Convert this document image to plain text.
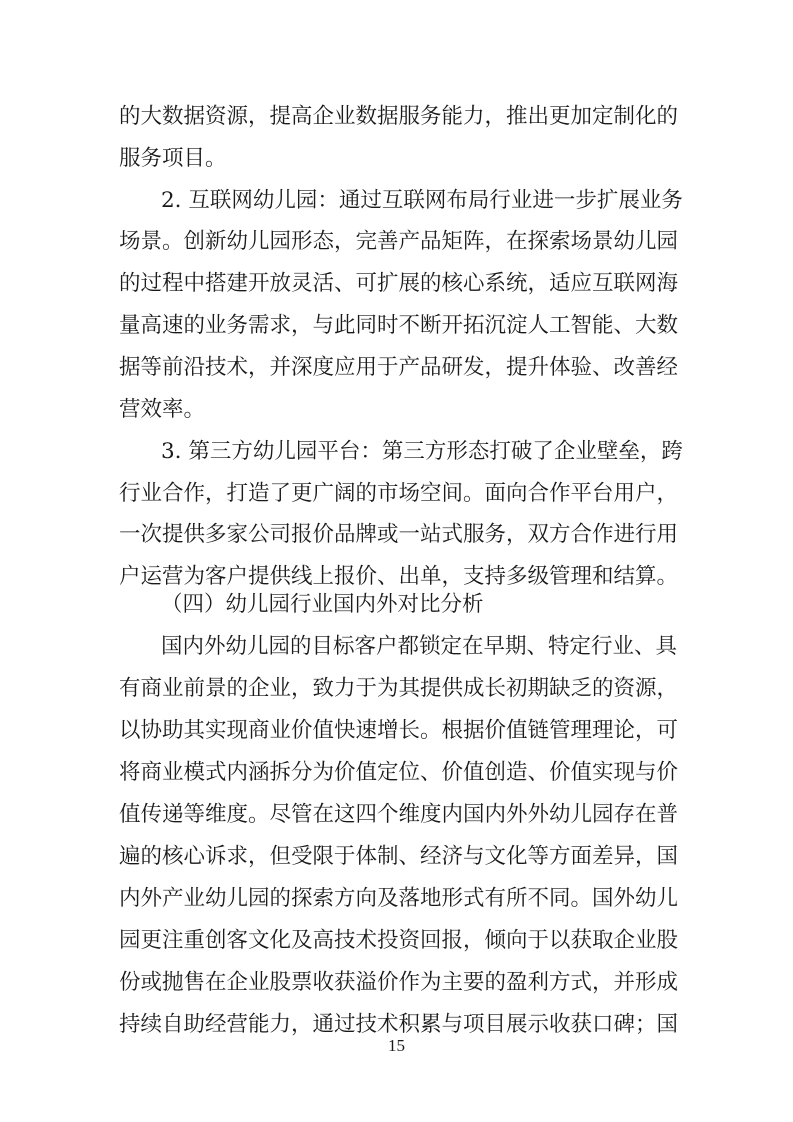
的大数据资源，提高企业数据服务能力，推出更加定制化的
服务项目。
2. 互联网幼儿园：通过互联网布局行业进一步扩展业务
场景。创新幼儿园形态，完善产品矩阵，在探索场景幼儿园
的过程中搭建开放灵活、可扩展的核心系统，适应互联网海
量高速的业务需求，与此同时不断开拓沉淀人工智能、大数
据等前沿技术，并深度应用于产品研发，提升体验、改善经
营效率。
3. 第三方幼儿园平台：第三方形态打破了企业壁垒，跨
行业合作，打造了更广阔的市场空间。面向合作平台用户，
一次提供多家公司报价品牌或一站式服务，双方合作进行用
户运营为客户提供线上报价、出单，支持多级管理和结算。
（四）幼儿园行业国内外对比分析
国内外幼儿园的目标客户都锁定在早期、特定行业、具
有商业前景的企业，致力于为其提供成长初期缺乏的资源，
以协助其实现商业价值快速增长。根据价值链管理理论，可
将商业模式内涵拆分为价值定位、价值创造、价值实现与价
值传递等维度。尽管在这四个维度内国内外外幼儿园存在普
遍的核心诉求，但受限于体制、经济与文化等方面差异，国
内外产业幼儿园的探索方向及落地形式有所不同。国外幼儿
园更注重创客文化及高技术投资回报，倾向于以获取企业股
15
份或抛售在企业股票收获溢价作为主要的盈利方式，并形成
持续自助经营能力，通过技术积累与项目展示收获口碑；国
